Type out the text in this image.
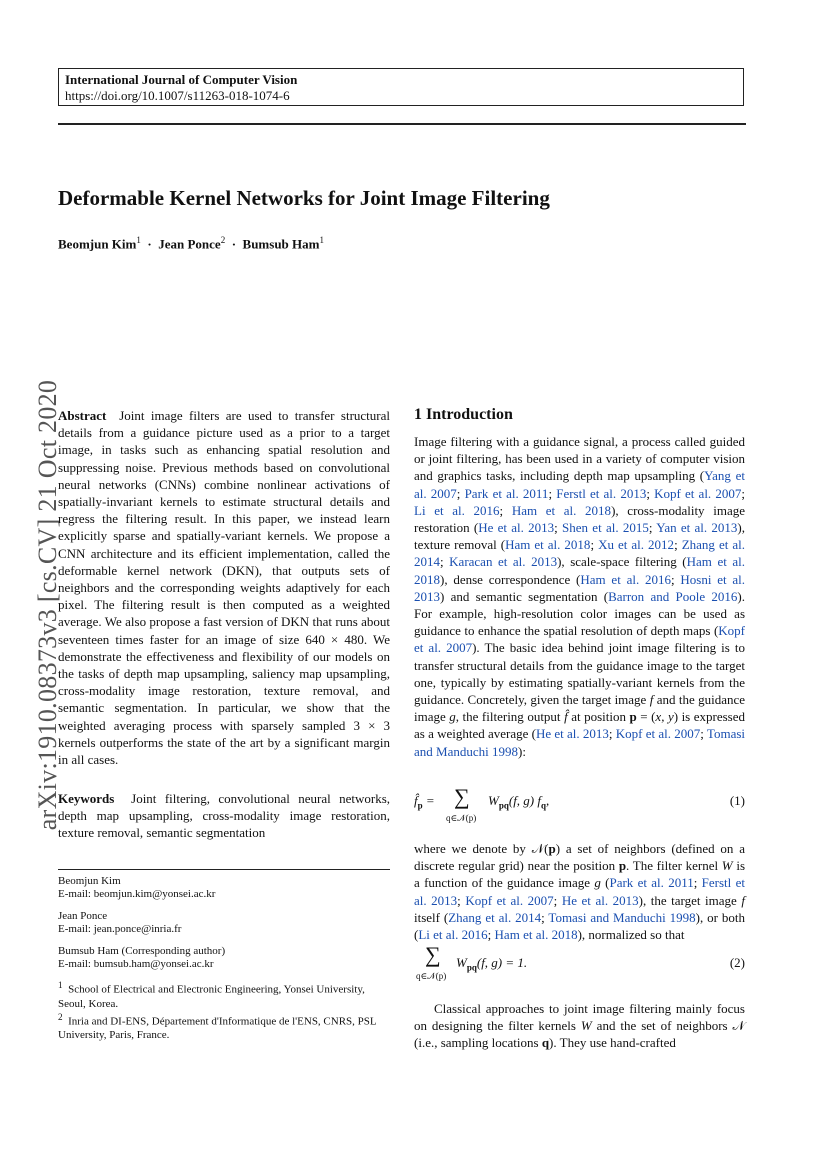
International Journal of Computer Vision
https://doi.org/10.1007/s11263-018-1074-6
Deformable Kernel Networks for Joint Image Filtering
Beomjun Kim$^1$ · Jean Ponce$^2$ · Bumsub Ham$^1$
arXiv:1910.08373v3 [cs.CV] 21 Oct 2020
Abstract Joint image filters are used to transfer structural details from a guidance picture used as a prior to a target image, in tasks such as enhancing spatial resolution and suppressing noise. Previous methods based on convolutional neural networks (CNNs) combine nonlinear activations of spatially-invariant kernels to estimate structural details and regress the filtering result. In this paper, we instead learn explicitly sparse and spatially-variant kernels. We propose a CNN architecture and its efficient implementation, called the deformable kernel network (DKN), that outputs sets of neighbors and the corresponding weights adaptively for each pixel. The filtering result is then computed as a weighted average. We also propose a fast version of DKN that runs about seventeen times faster for an image of size 640 × 480. We demonstrate the effectiveness and flexibility of our models on the tasks of depth map upsampling, saliency map upsampling, cross-modality image restoration, texture removal, and semantic segmentation. In particular, we show that the weighted averaging process with sparsely sampled 3 × 3 kernels outperforms the state of the art by a significant margin in all cases.
Keywords Joint filtering, convolutional neural networks, depth map upsampling, cross-modality image restoration, texture removal, semantic segmentation
Beomjun Kim
E-mail: beomjun.kim@yonsei.ac.kr
Jean Ponce
E-mail: jean.ponce@inria.fr
Bumsub Ham (Corresponding author)
E-mail: bumsub.ham@yonsei.ac.kr
$^1$ School of Electrical and Electronic Engineering, Yonsei University, Seoul, Korea.
$^2$ Inria and DI-ENS, Département d'Informatique de l'ENS, CNRS, PSL University, Paris, France.
1 Introduction
Image filtering with a guidance signal, a process called guided or joint filtering, has been used in a variety of computer vision and graphics tasks, including depth map upsampling (Yang et al. 2007; Park et al. 2011; Ferstl et al. 2013; Kopf et al. 2007; Li et al. 2016; Ham et al. 2018), cross-modality image restoration (He et al. 2013; Shen et al. 2015; Yan et al. 2013), texture removal (Ham et al. 2018; Xu et al. 2012; Zhang et al. 2014; Karacan et al. 2013), scale-space filtering (Ham et al. 2018), dense correspondence (Ham et al. 2016; Hosni et al. 2013) and semantic segmentation (Barron and Poole 2016). For example, high-resolution color images can be used as guidance to enhance the spatial resolution of depth maps (Kopf et al. 2007). The basic idea behind joint image filtering is to transfer structural details from the guidance image to the target one, typically by estimating spatially-variant kernels from the guidance. Concretely, given the target image f and the guidance image g, the filtering output f̂ at position p = (x, y) is expressed as a weighted average (He et al. 2013; Kopf et al. 2007; Tomasi and Manduchi 1998):
$f̂_p$ = ∑
q∈𝒩(p)
$W_{pq}(f$, g) $f_q$,	(1)
where we denote by 𝒩(p) a set of neighbors (defined on a discrete regular grid) near the position p. The filter kernel W is a function of the guidance image g (Park et al. 2011; Ferstl et al. 2013; Kopf et al. 2007; He et al. 2013), the target image f itself (Zhang et al. 2014; Tomasi and Manduchi 1998), or both (Li et al. 2016; Ham et al. 2018), normalized so that
∑
q∈𝒩(p)
$W_{pq}(f$, g) = 1.	(2)
Classical approaches to joint image filtering mainly focus on designing the filter kernels W and the set of neighbors 𝒩 (i.e., sampling locations q). They use hand-crafted
